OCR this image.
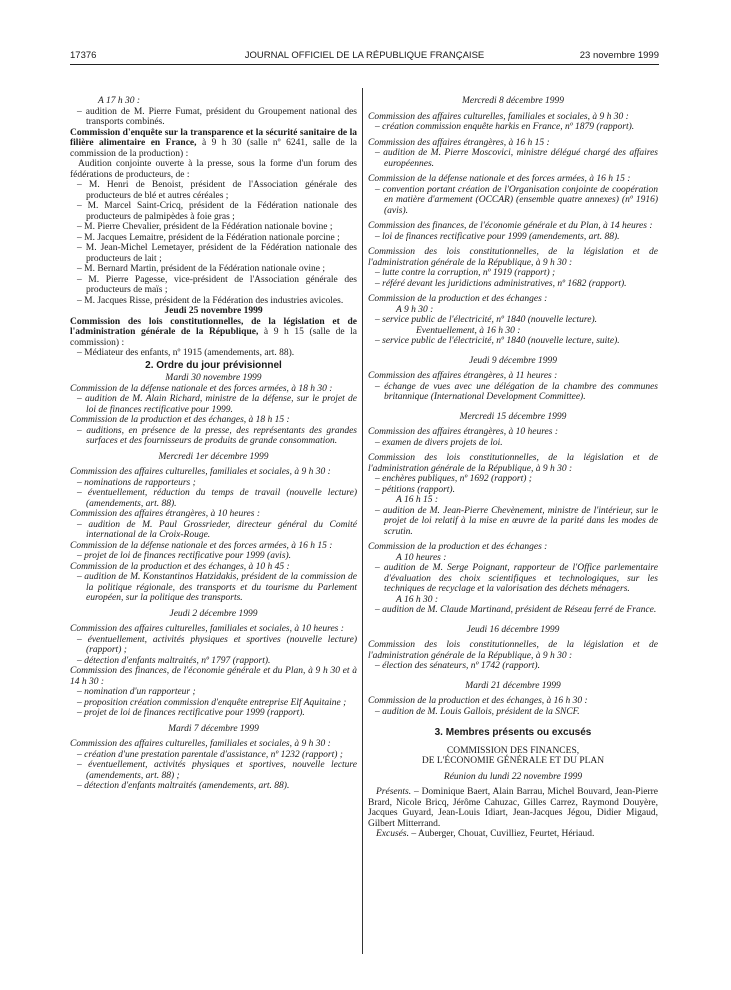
17376	JOURNAL OFFICIEL DE LA RÉPUBLIQUE FRANÇAISE	23 novembre 1999

A 17 h 30 :

– audition de M. Pierre Fumat, président du Groupement national des transports combinés.

Commission d'enquête sur la transparence et la sécurité sanitaire de la filière alimentaire en France, à 9 h 30 (salle nº 6241, salle de la commission de la production) :

Audition conjointe ouverte à la presse, sous la forme d'un forum des fédérations de producteurs, de :

– M. Henri de Benoist, président de l'Association générale des producteurs de blé et autres céréales ;

– M. Marcel Saint-Cricq, président de la Fédération nationale des producteurs de palmipèdes à foie gras ;

– M. Pierre Chevalier, président de la Fédération nationale bovine ;

– M. Jacques Lemaitre, président de la Fédération nationale porcine ;

– M. Jean-Michel Lemetayer, président de la Fédération nationale des producteurs de lait ;

– M. Bernard Martin, président de la Fédération nationale ovine ;

– M. Pierre Pagesse, vice-président de l'Association générale des producteurs de maïs ;

– M. Jacques Risse, président de la Fédération des industries avicoles.

Jeudi 25 novembre 1999

Commission des lois constitutionnelles, de la législation et de l'administration générale de la République, à 9 h 15 (salle de la commission) :

– Médiateur des enfants, nº 1915 (amendements, art. 88).

2. Ordre du jour prévisionnel

Mardi 30 novembre 1999

Commission de la défense nationale et des forces armées, à 18 h 30 :

– audition de M. Alain Richard, ministre de la défense, sur le projet de loi de finances rectificative pour 1999.

Commission de la production et des échanges, à 18 h 15 :

– auditions, en présence de la presse, des représentants des grandes surfaces et des fournisseurs de produits de grande consommation.

Mercredi 1er décembre 1999

Commission des affaires culturelles, familiales et sociales, à 9 h 30 :

– nominations de rapporteurs ;

– éventuellement, réduction du temps de travail (nouvelle lecture) (amendements, art. 88).

Commission des affaires étrangères, à 10 heures :

– audition de M. Paul Grossrieder, directeur général du Comité international de la Croix-Rouge.

Commission de la défense nationale et des forces armées, à 16 h 15 :

– projet de loi de finances rectificative pour 1999 (avis).

Commission de la production et des échanges, à 10 h 45 :

– audition de M. Konstantinos Hatzidakis, président de la commission de la politique régionale, des transports et du tourisme du Parlement européen, sur la politique des transports.

Jeudi 2 décembre 1999

Commission des affaires culturelles, familiales et sociales, à 10 heures :

– éventuellement, activités physiques et sportives (nouvelle lecture) (rapport) ;

– détection d'enfants maltraités, nº 1797 (rapport).

Commission des finances, de l'économie générale et du Plan, à 9 h 30 et à 14 h 30 :

– nomination d'un rapporteur ;

– proposition création commission d'enquête entreprise Elf Aquitaine ;

– projet de loi de finances rectificative pour 1999 (rapport).

Mardi 7 décembre 1999

Commission des affaires culturelles, familiales et sociales, à 9 h 30 :

– création d'une prestation parentale d'assistance, nº 1232 (rapport) ;

– éventuellement, activités physiques et sportives, nouvelle lecture (amendements, art. 88) ;

– détection d'enfants maltraités (amendements, art. 88).

Mercredi 8 décembre 1999

Commission des affaires culturelles, familiales et sociales, à 9 h 30 :

– création commission enquête harkis en France, nº 1879 (rapport).

Commission des affaires étrangères, à 16 h 15 :

– audition de M. Pierre Moscovici, ministre délégué chargé des affaires européennes.

Commission de la défense nationale et des forces armées, à 16 h 15 :

– convention portant création de l'Organisation conjointe de coopération en matière d'armement (OCCAR) (ensemble quatre annexes) (nº 1916) (avis).

Commission des finances, de l'économie générale et du Plan, à 14 heures :

– loi de finances rectificative pour 1999 (amendements, art. 88).

Commission des lois constitutionnelles, de la législation et de l'administration générale de la République, à 9 h 30 :

– lutte contre la corruption, nº 1919 (rapport) ;

– référé devant les juridictions administratives, nº 1682 (rapport).

Commission de la production et des échanges :

A 9 h 30 :

– service public de l'électricité, nº 1840 (nouvelle lecture).

Eventuellement, à 16 h 30 :

– service public de l'électricité, nº 1840 (nouvelle lecture, suite).

Jeudi 9 décembre 1999

Commission des affaires étrangères, à 11 heures :

– échange de vues avec une délégation de la chambre des communes britannique (International Development Committee).

Mercredi 15 décembre 1999

Commission des affaires étrangères, à 10 heures :

– examen de divers projets de loi.

Commission des lois constitutionnelles, de la législation et de l'administration générale de la République, à 9 h 30 :

– enchères publiques, nº 1692 (rapport) ;

– pétitions (rapport).

A 16 h 15 :

– audition de M. Jean-Pierre Chevènement, ministre de l'intérieur, sur le projet de loi relatif à la mise en œuvre de la parité dans les modes de scrutin.

Commission de la production et des échanges :

A 10 heures :

– audition de M. Serge Poignant, rapporteur de l'Office parlementaire d'évaluation des choix scientifiques et technologiques, sur les techniques de recyclage et la valorisation des déchets ménagers.

A 16 h 30 :

– audition de M. Claude Martinand, président de Réseau ferré de France.

Jeudi 16 décembre 1999

Commission des lois constitutionnelles, de la législation et de l'administration générale de la République, à 9 h 30 :

– élection des sénateurs, nº 1742 (rapport).

Mardi 21 décembre 1999

Commission de la production et des échanges, à 16 h 30 :

– audition de M. Louis Gallois, président de la SNCF.

3. Membres présents ou excusés

COMMISSION DES FINANCES,

DE L'ÉCONOMIE GÉNÉRALE ET DU PLAN

Réunion du lundi 22 novembre 1999

Présents. – Dominique Baert, Alain Barrau, Michel Bouvard, Jean-Pierre Brard, Nicole Bricq, Jérôme Cahuzac, Gilles Carrez, Raymond Douyère, Jacques Guyard, Jean-Louis Idiart, Jean-Jacques Jégou, Didier Migaud, Gilbert Mitterrand.

Excusés. – Auberger, Chouat, Cuvilliez, Feurtet, Hériaud.
